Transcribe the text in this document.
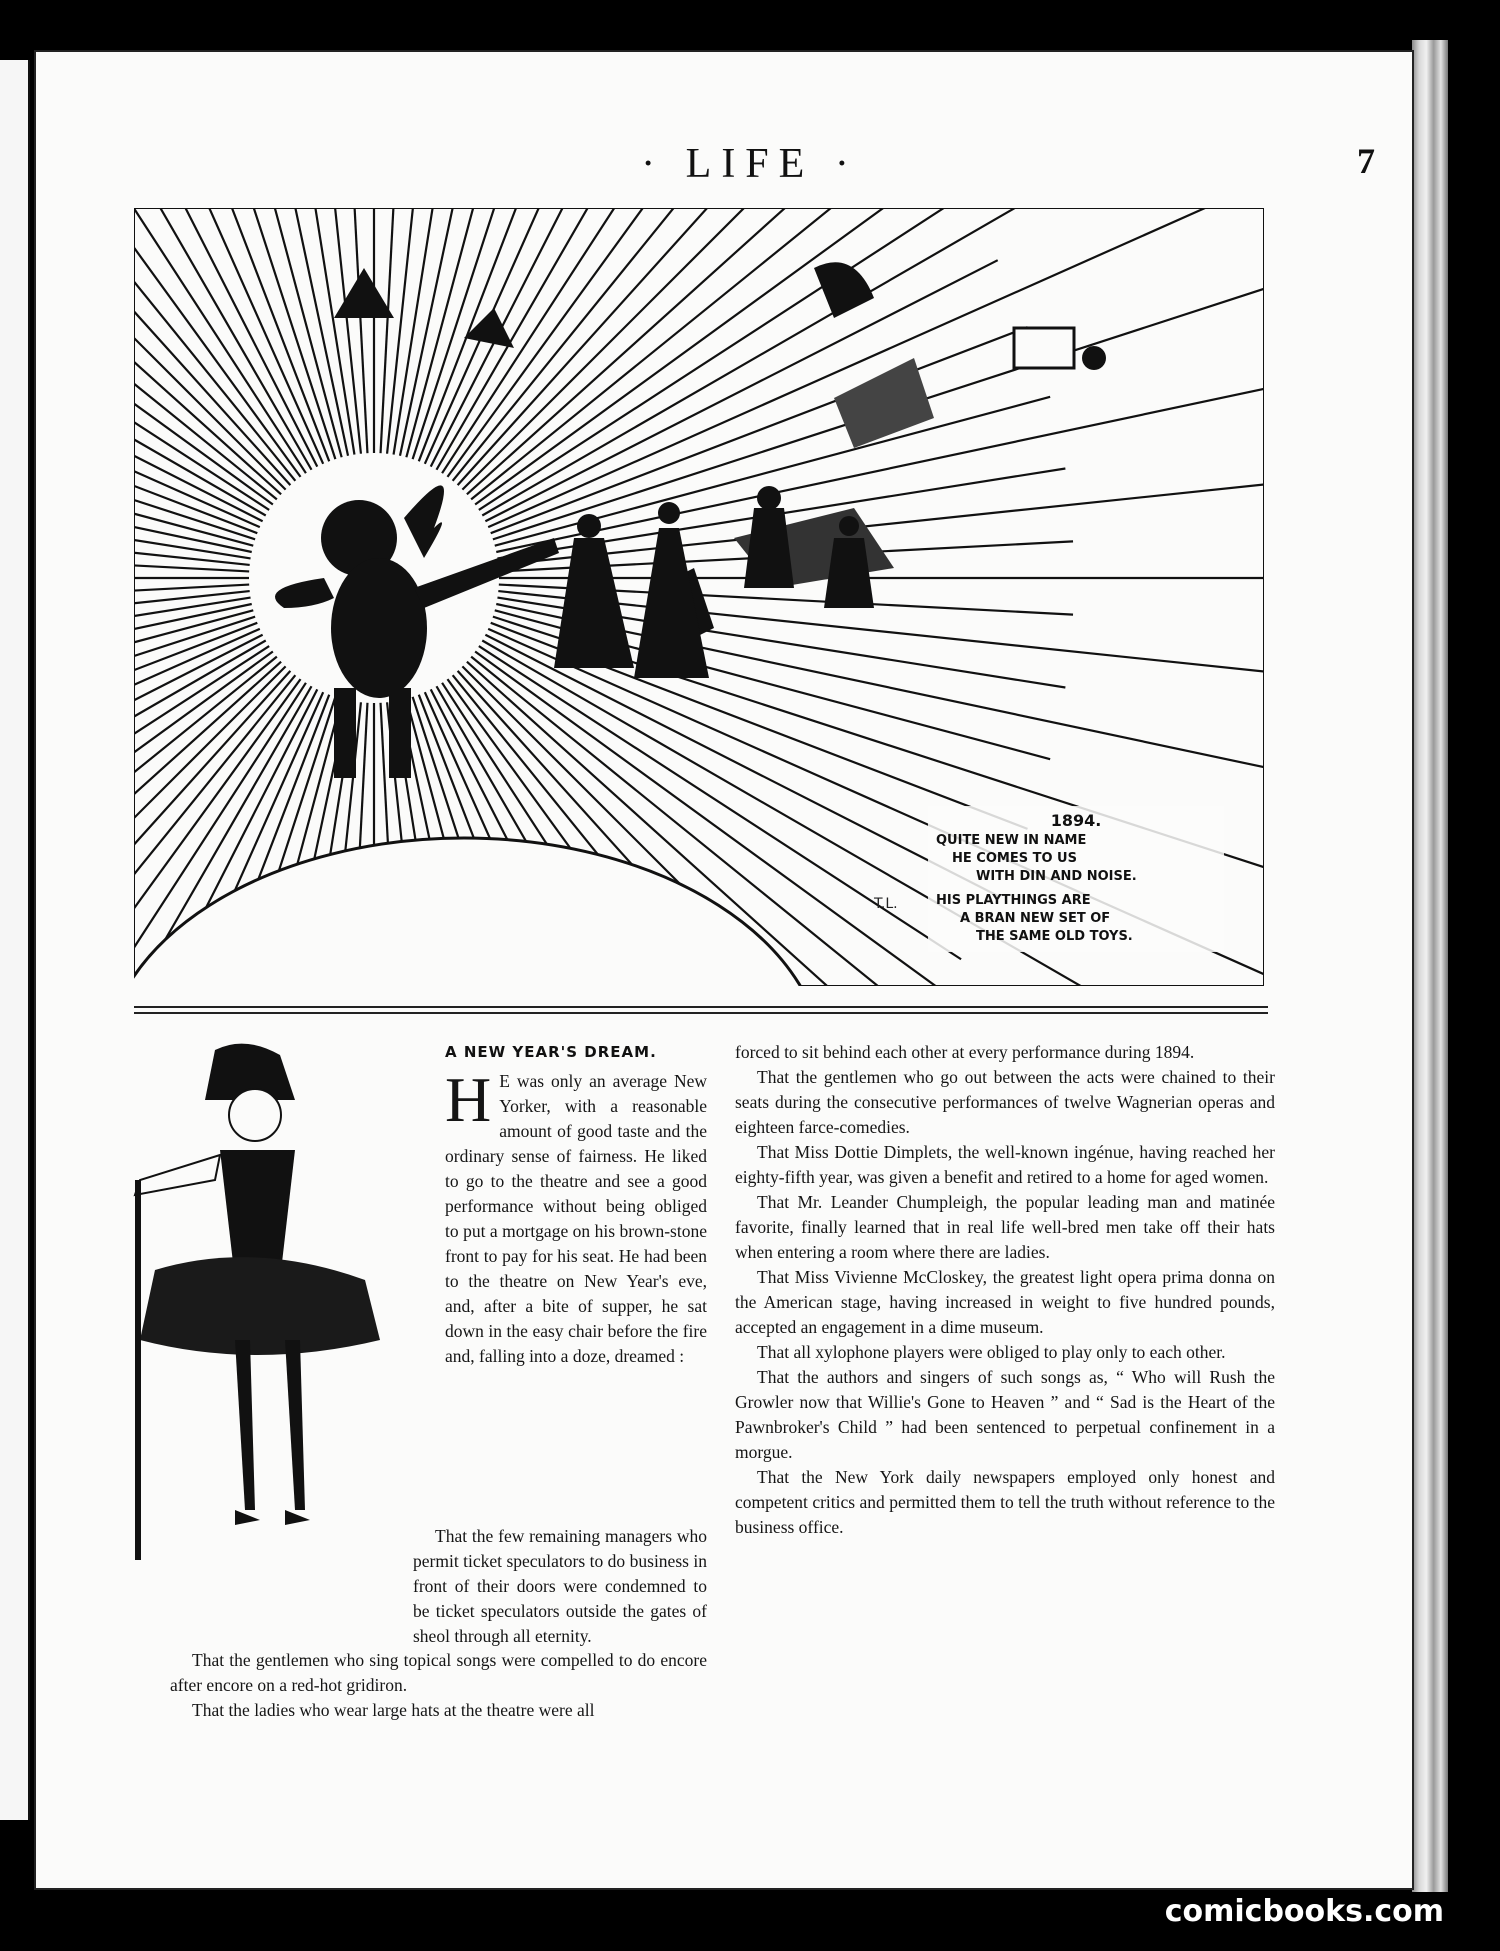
· LIFE ·	7
T.L.
1894.
QUITE NEW IN NAME
HE COMES TO US
WITH DIN AND NOISE.
HIS PLAYTHINGS ARE
A BRAN NEW SET OF
THE SAME OLD TOYS.
A NEW YEAR'S DREAM.
H E was only an average New Yorker, with a reasonable amount of good taste and the ordinary sense of fairness. He liked to go to the theatre and see a good performance without being obliged to put a mortgage on his brown-stone front to pay for his seat. He had been to the theatre on New Year's eve, and, after a bite of supper, he sat down in the easy chair before the fire and, falling into a doze, dreamed :

That the few remaining managers who permit ticket speculators to do business in front of their doors were condemned to be ticket speculators outside the gates of sheol through all eternity.

That the gentlemen who sing topical songs were compelled to do encore after encore on a red-hot gridiron.

That the ladies who wear large hats at the theatre were all

forced to sit behind each other at every performance during 1894.

That the gentlemen who go out between the acts were chained to their seats during the consecutive performances of twelve Wagnerian operas and eighteen farce-comedies.

That Miss Dottie Dimplets, the well-known ingénue, having reached her eighty-fifth year, was given a benefit and retired to a home for aged women.

That Mr. Leander Chumpleigh, the popular leading man and matinée favorite, finally learned that in real life well-bred men take off their hats when entering a room where there are ladies.

That Miss Vivienne McCloskey, the greatest light opera prima donna on the American stage, having increased in weight to five hundred pounds, accepted an engagement in a dime museum.

That all xylophone players were obliged to play only to each other.

That the authors and singers of such songs as, “ Who will Rush the Growler now that Willie's Gone to Heaven ” and “ Sad is the Heart of the Pawnbroker's Child ” had been sentenced to perpetual confinement in a morgue.

That the New York daily newspapers employed only honest and competent critics and permitted them to tell the truth without reference to the business office.

comicbooks.com
